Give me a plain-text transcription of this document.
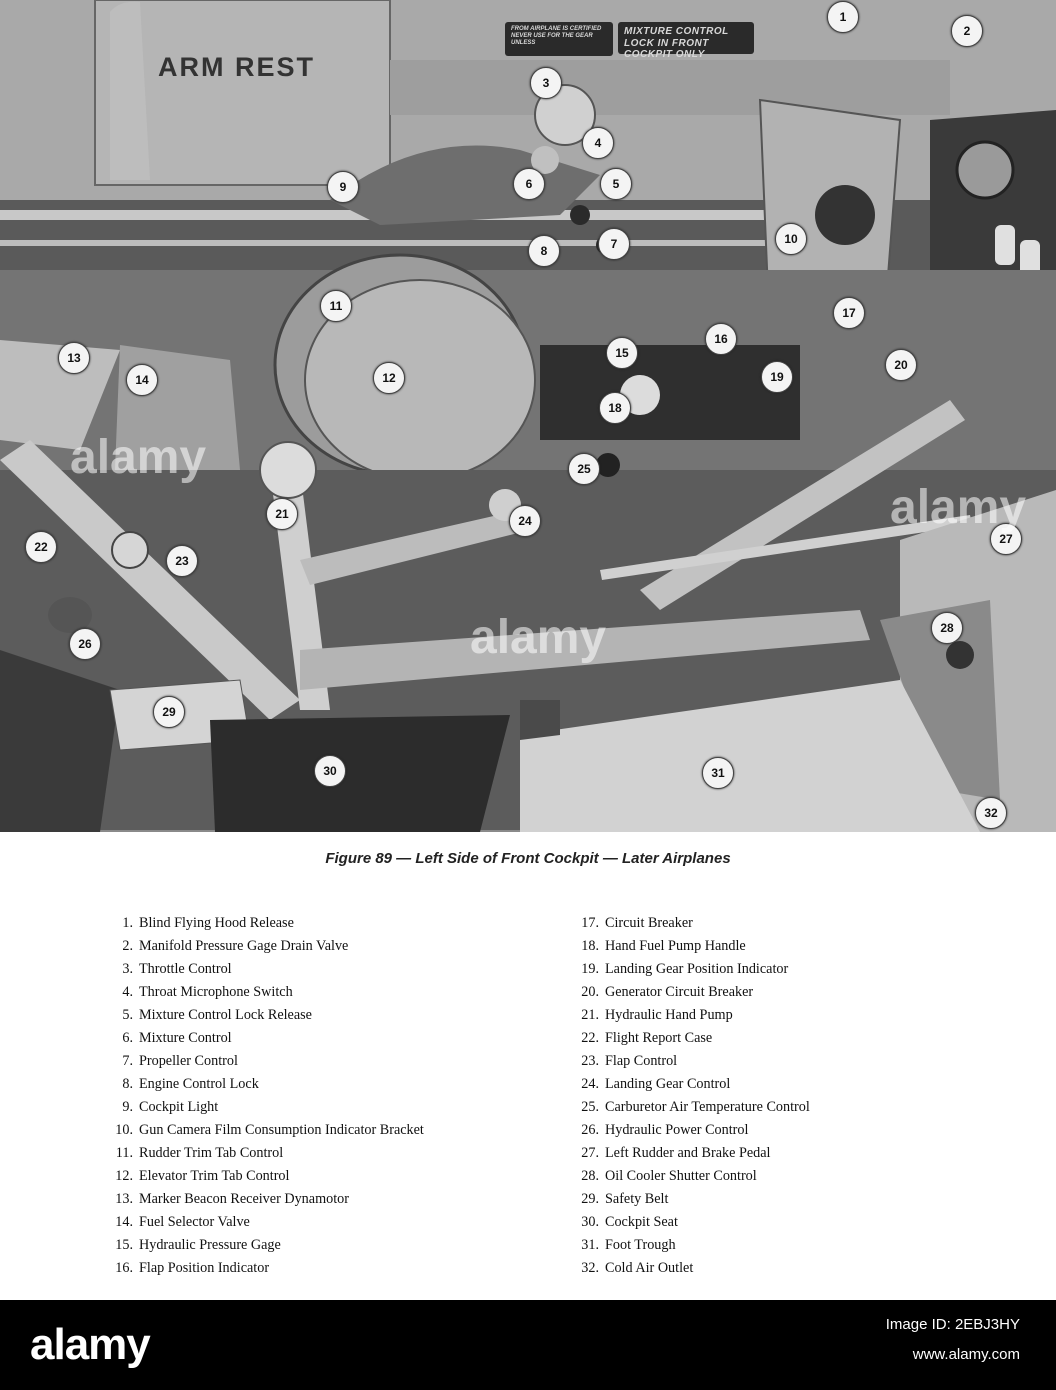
ARM REST
FROM AIRPLANE IS CERTIFIED NEVER USE FOR THE GEAR UNLESS
MIXTURE CONTROL LOCK IN FRONT COCKPIT ONLY
1
2
3
4
5
6
7
8
9
10
11
12
13
14
15
16
17
18
19
20
21
22
23
24
25
26
27
28
29
30	31
32
alamy
alamy
alamy
Figure 89 — Left Side of Front Cockpit — Later Airplanes
1. Blind Flying Hood Release
2. Manifold Pressure Gage Drain Valve
3. Throttle Control
4. Throat Microphone Switch
5. Mixture Control Lock Release
6. Mixture Control
7. Propeller Control
8. Engine Control Lock
9. Cockpit Light
10. Gun Camera Film Consumption Indicator Bracket
11. Rudder Trim Tab Control
12. Elevator Trim Tab Control
13. Marker Beacon Receiver Dynamotor
14. Fuel Selector Valve
15. Hydraulic Pressure Gage
16. Flap Position Indicator
17. Circuit Breaker
18. Hand Fuel Pump Handle
19. Landing Gear Position Indicator
20. Generator Circuit Breaker
21. Hydraulic Hand Pump
22. Flight Report Case
23. Flap Control
24. Landing Gear Control
25. Carburetor Air Temperature Control
26. Hydraulic Power Control
27. Left Rudder and Brake Pedal
28. Oil Cooler Shutter Control
29. Safety Belt
30. Cockpit Seat
31. Foot Trough
32. Cold Air Outlet
alamy	Image ID: 2EBJ3HY
www.alamy.com
